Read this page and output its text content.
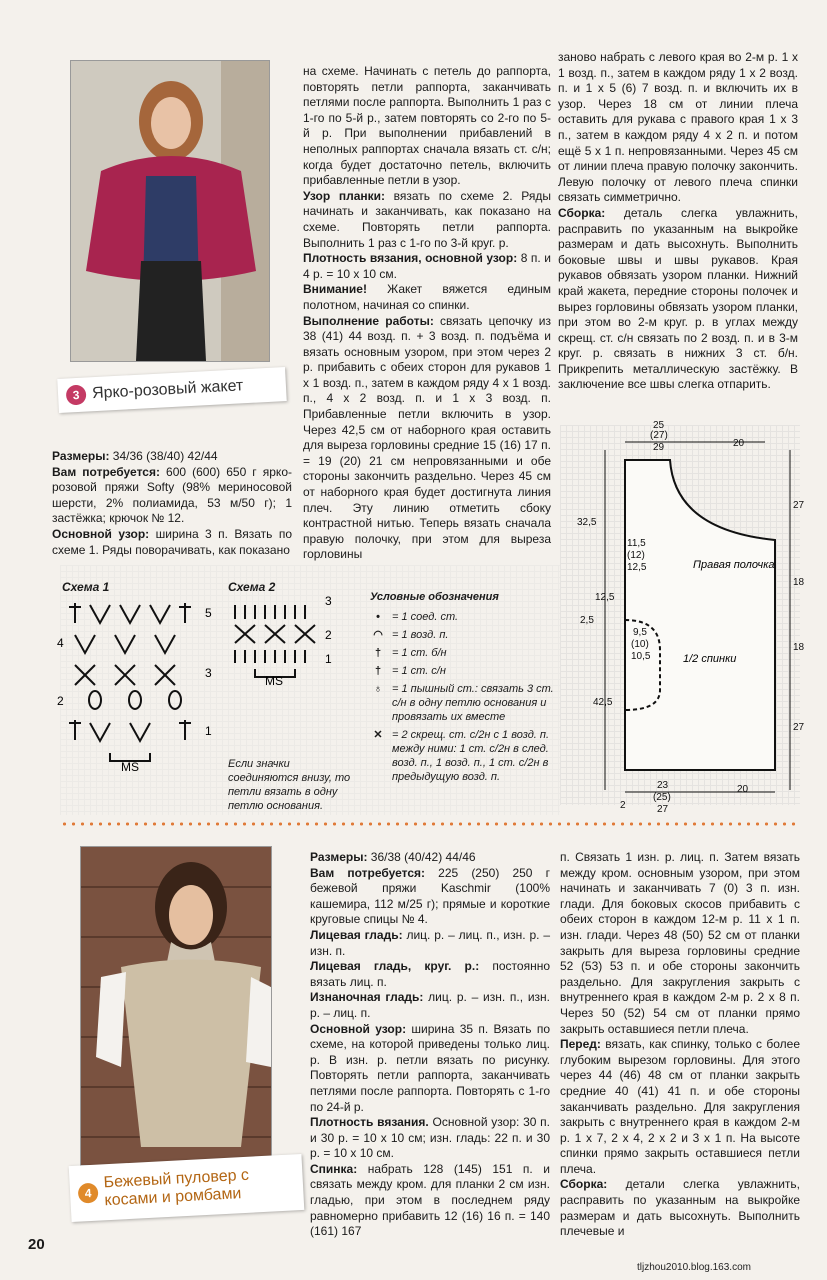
3 Ярко-розовый жакет

Размеры: 34/36 (38/40) 42/44

Вам потребуется: 600 (600) 650 г ярко-розовой пряжи Softy (98% мериносовой шерсти, 2% полиамида, 53 м/50 г); 1 застёжка; крючок № 12.

Основной узор: ширина 3 п. Вязать по схеме 1. Ряды поворачивать, как показано

на схеме. Начинать с петель до раппорта, повторять петли раппорта, заканчивать петлями после раппорта. Выполнить 1 раз с 1-го по 5-й р., затем повторять со 2-го по 5-й р. При выполнении прибавлений в неполных раппортах сначала вязать ст. с/н; когда будет достаточно петель, включить прибавленные петли в узор.

Узор планки: вязать по схеме 2. Ряды начинать и заканчивать, как показано на схеме. Повторять петли раппорта. Выполнить 1 раз с 1-го по 3-й круг. р.

Плотность вязания, основной узор: 8 п. и 4 р. = 10 х 10 см.

Внимание! Жакет вяжется единым полотном, начиная со спинки.

Выполнение работы: связать цепочку из 38 (41) 44 возд. п. + 3 возд. п. подъёма и вязать основным узором, при этом через 2 р. прибавить с обеих сторон для рукавов 1 х 1 возд. п., затем в каждом ряду 4 х 1 возд. п., 4 х 2 возд. п. и 1 х 3 возд. п. Прибавленные петли включить в узор. Через 42,5 см от наборного края оставить для выреза горловины средние 15 (16) 17 п. = 19 (20) 21 см непровязанными и обе стороны закончить раздельно. Через 45 см от наборного края будет достигнута линия плеч. Эту линию отметить сбоку контрастной нитью. Теперь вязать сначала правую полочку, при этом для выреза горловины

заново набрать с левого края во 2-м р. 1 х 1 возд. п., затем в каждом ряду 1 х 2 возд. п. и 1 х 5 (6) 7 возд. п. и включить их в узор. Через 18 см от линии плеча оставить для рукава с правого края 1 х 3 п., затем в каждом ряду 4 х 2 п. и потом ещё 5 х 1 п. непровязанными. Через 45 см от линии плеча правую полочку закончить. Левую полочку от левого плеча спинки связать симметрично.

Сборка: деталь слегка увлажнить, расправить по указанным на выкройке размерам и дать высохнуть. Выполнить боковые швы и швы рукавов. Края рукавов обвязать узором планки. Нижний край жакета, передние стороны полочек и вырез горловины обвязать узором планки, при этом во 2-м круг. р. в углах между скрещ. ст. с/н связать по 2 возд. п. и в 3-м круг. р. связать в нижних 3 ст. б/н. Прикрепить металлическую застёжку. В заключение все швы слегка отпарить.

Схема 1	Схема 2
5
4
3
2
1
MS
3
2
1
MS
Если значки соединяются внизу, то петли вязать в одну петлю основания.
Условные обозначения
•	= 1 соед. ст.
◠ = 1 возд. п.
† = 1 ст. б/н
† = 1 ст. с/н
♁ = 1 пышный ст.: связать 3 ст. с/н в одну петлю основания и провязать их вместе
✕ = 2 скрещ. ст. с/2н с 1 возд. п. между ними: 1 ст. с/2н в след. возд. п., 1 возд. п., 1 ст. с/2н в предыдущую возд. п.
25
(27)
29	20
27
18
18
27
32,5
11,5
(12)
12,5
12,5
2,5
9,5
(10)
10,5
42,5
23
(25)
27
2
20
Правая полочка
1/2 спинки
4
Бежевый пуловер с косами и ромбами

Размеры: 36/38 (40/42) 44/46

Вам потребуется: 225 (250) 250 г бежевой пряжи Kaschmir (100% кашемира, 112 м/25 г); прямые и короткие круговые спицы № 4.

Лицевая гладь: лиц. р. – лиц. п., изн. р. – изн. п.

Лицевая гладь, круг. р.: постоянно вязать лиц. п.

Изнаночная гладь: лиц. р. – изн. п., изн. р. – лиц. п.

Основной узор: ширина 35 п. Вязать по схеме, на которой приведены только лиц. р. В изн. р. петли вязать по рисунку. Повторять петли раппорта, заканчивать петлями после раппорта. Повторять с 1-го по 24-й р.

Плотность вязания. Основной узор: 30 п. и 30 р. = 10 х 10 см; изн. гладь: 22 п. и 30 р. = 10 х 10 см.

Спинка: набрать 128 (145) 151 п. и связать между кром. для планки 2 см изн. гладью, при этом в последнем ряду равномерно прибавить 12 (16) 16 п. = 140 (161) 167

п. Связать 1 изн. р. лиц. п. Затем вязать между кром. основным узором, при этом начинать и заканчивать 7 (0) 3 п. изн. глади. Для боковых скосов прибавить с обеих сторон в каждом 12-м р. 11 х 1 п. изн. глади. Через 48 (50) 52 см от планки закрыть для выреза горловины средние 52 (53) 53 п. и обе стороны закончить раздельно. Для закругления закрыть с внутреннего края в каждом 2-м р. 2 х 8 п. Через 50 (52) 54 см от планки прямо закрыть оставшиеся петли плеча.

Перед: вязать, как спинку, только с более глубоким вырезом горловины. Для этого через 44 (46) 48 см от планки закрыть средние 40 (41) 41 п. и обе стороны заканчивать раздельно. Для закругления закрыть с внутреннего края в каждом 2-м р. 1 х 7, 2 х 4, 2 х 2 и 3 х 1 п. На высоте спинки прямо закрыть оставшиеся петли плеча.

Сборка: детали слегка увлажнить, расправить по указанным на выкройке размерам и дать высохнуть. Выполнить плечевые и

20
tljzhou2010.blog.163.com
